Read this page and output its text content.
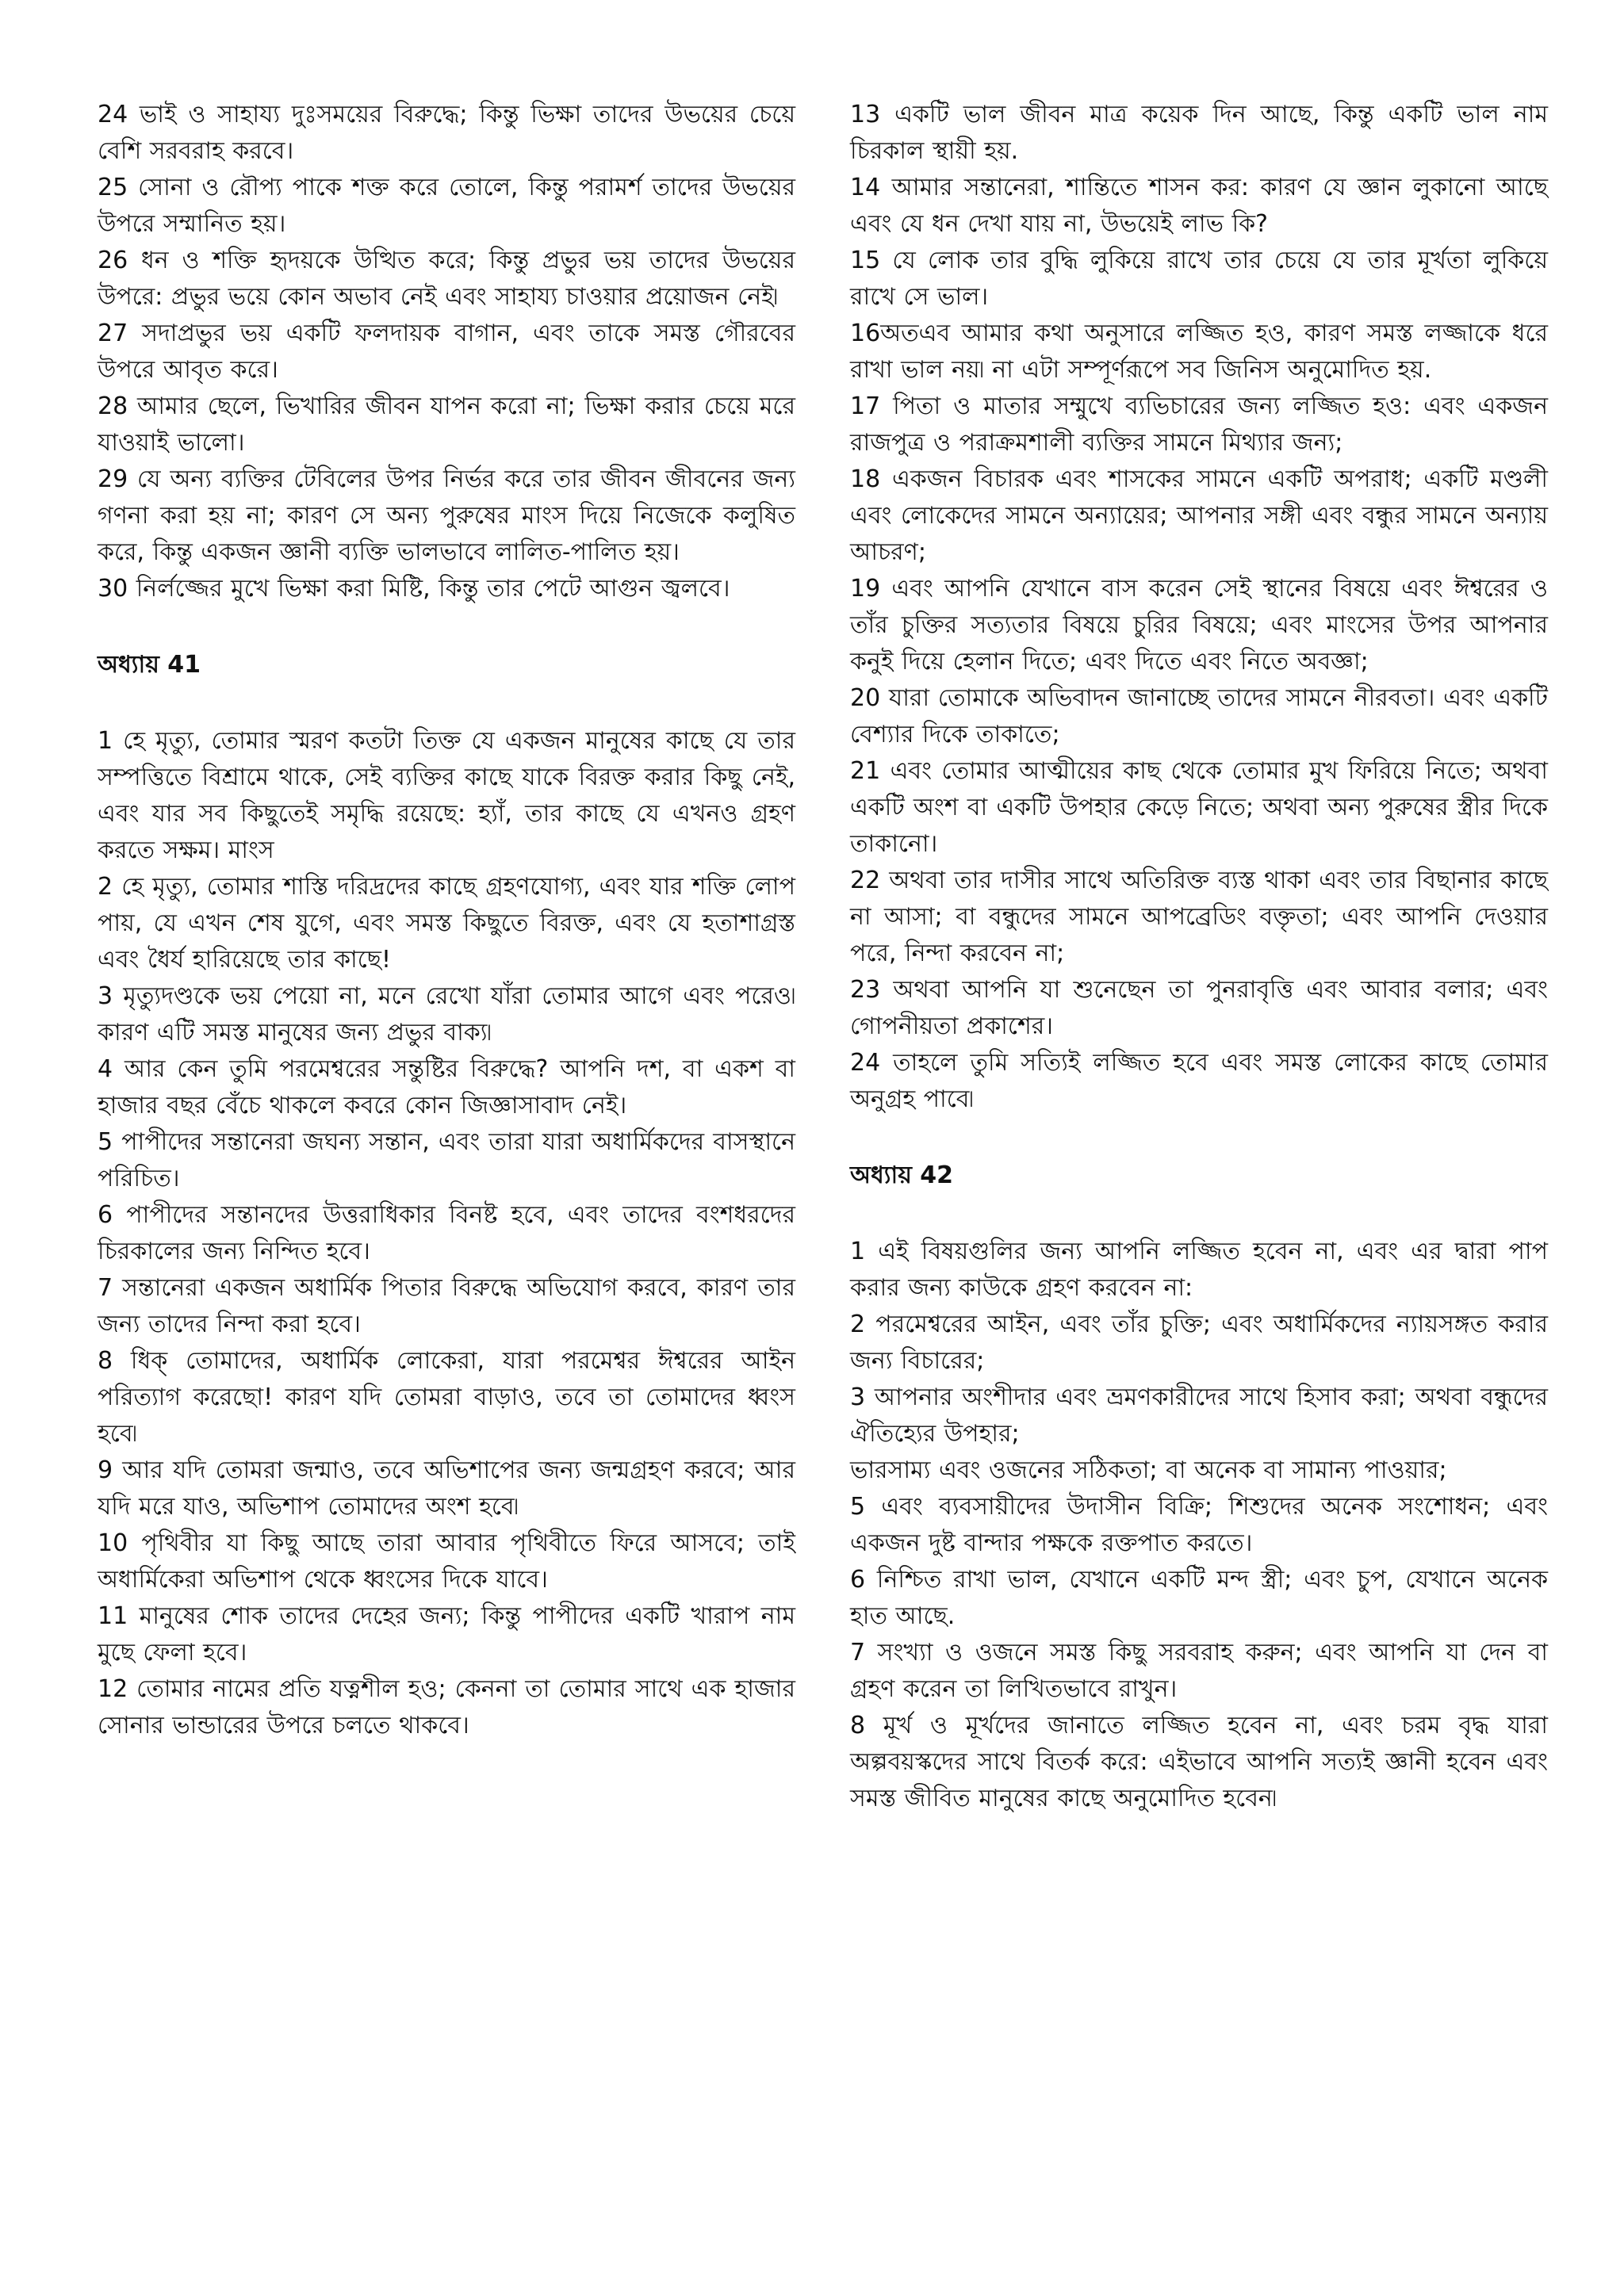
24 ভাই ও সাহায্য দুঃসময়ের বিরুদ্ধে; কিন্তু ভিক্ষা তাদের উভয়ের চেয়ে বেশি সরবরাহ করবে।

25 সোনা ও রৌপ্য পাকে শক্ত করে তোলে, কিন্তু পরামর্শ তাদের উভয়ের উপরে সম্মানিত হয়।

26 ধন ও শক্তি হৃদয়কে উত্থিত করে; কিন্তু প্রভুর ভয় তাদের উভয়ের উপরে: প্রভুর ভয়ে কোন অভাব নেই এবং সাহায্য চাওয়ার প্রয়োজন নেই৷

27 সদাপ্রভুর ভয় একটি ফলদায়ক বাগান, এবং তাকে সমস্ত গৌরবের উপরে আবৃত করে।

28 আমার ছেলে, ভিখারির জীবন যাপন করো না; ভিক্ষা করার চেয়ে মরে যাওয়াই ভালো।

29 যে অন্য ব্যক্তির টেবিলের উপর নির্ভর করে তার জীবন জীবনের জন্য গণনা করা হয় না; কারণ সে অন্য পুরুষের মাংস দিয়ে নিজেকে কলুষিত করে, কিন্তু একজন জ্ঞানী ব্যক্তি ভালভাবে লালিত-পালিত হয়।

30 নির্লজ্জের মুখে ভিক্ষা করা মিষ্টি, কিন্তু তার পেটে আগুন জ্বলবে।

অধ্যায় 41

1 হে মৃত্যু, তোমার স্মরণ কতটা তিক্ত যে একজন মানুষের কাছে যে তার সম্পত্তিতে বিশ্রামে থাকে, সেই ব্যক্তির কাছে যাকে বিরক্ত করার কিছু নেই, এবং যার সব কিছুতেই সমৃদ্ধি রয়েছে: হ্যাঁ, তার কাছে যে এখনও গ্রহণ করতে সক্ষম। মাংস

2 হে মৃত্যু, তোমার শাস্তি দরিদ্রদের কাছে গ্রহণযোগ্য, এবং যার শক্তি লোপ পায়, যে এখন শেষ যুগে, এবং সমস্ত কিছুতে বিরক্ত, এবং যে হতাশাগ্রস্ত এবং ধৈর্য হারিয়েছে তার কাছে!

3 মৃত্যুদণ্ডকে ভয় পেয়ো না, মনে রেখো যাঁরা তোমার আগে এবং পরেও৷ কারণ এটি সমস্ত মানুষের জন্য প্রভুর বাক্য৷

4 আর কেন তুমি পরমেশ্বরের সন্তুষ্টির বিরুদ্ধে? আপনি দশ, বা একশ বা হাজার বছর বেঁচে থাকলে কবরে কোন জিজ্ঞাসাবাদ নেই।

5 পাপীদের সন্তানেরা জঘন্য সন্তান, এবং তারা যারা অধার্মিকদের বাসস্থানে পরিচিত।

6 পাপীদের সন্তানদের উত্তরাধিকার বিনষ্ট হবে, এবং তাদের বংশধরদের চিরকালের জন্য নিন্দিত হবে।

7 সন্তানেরা একজন অধার্মিক পিতার বিরুদ্ধে অভিযোগ করবে, কারণ তার জন্য তাদের নিন্দা করা হবে।

8 ধিক্ তোমাদের, অধার্মিক লোকেরা, যারা পরমেশ্বর ঈশ্বরের আইন পরিত্যাগ করেছো! কারণ যদি তোমরা বাড়াও, তবে তা তোমাদের ধ্বংস হবে৷

9 আর যদি তোমরা জন্মাও, তবে অভিশাপের জন্য জন্মগ্রহণ করবে; আর যদি মরে যাও, অভিশাপ তোমাদের অংশ হবে৷

10 পৃথিবীর যা কিছু আছে তারা আবার পৃথিবীতে ফিরে আসবে; তাই অধার্মিকেরা অভিশাপ থেকে ধ্বংসের দিকে যাবে।

11 মানুষের শোক তাদের দেহের জন্য; কিন্তু পাপীদের একটি খারাপ নাম মুছে ফেলা হবে।

12 তোমার নামের প্রতি যত্নশীল হও; কেননা তা তোমার সাথে এক হাজার সোনার ভান্ডারের উপরে চলতে থাকবে।

13 একটি ভাল জীবন মাত্র কয়েক দিন আছে, কিন্তু একটি ভাল নাম চিরকাল স্থায়ী হয়.

14 আমার সন্তানেরা, শান্তিতে শাসন কর: কারণ যে জ্ঞান লুকানো আছে এবং যে ধন দেখা যায় না, উভয়েই লাভ কি?

15 যে লোক তার বুদ্ধি লুকিয়ে রাখে তার চেয়ে যে তার মূর্খতা লুকিয়ে রাখে সে ভাল।

16অতএব আমার কথা অনুসারে লজ্জিত হও, কারণ সমস্ত লজ্জাকে ধরে রাখা ভাল নয়৷ না এটা সম্পূর্ণরূপে সব জিনিস অনুমোদিত হয়.

17 পিতা ও মাতার সম্মুখে ব্যভিচারের জন্য লজ্জিত হও: এবং একজন রাজপুত্র ও পরাক্রমশালী ব্যক্তির সামনে মিথ্যার জন্য;

18 একজন বিচারক এবং শাসকের সামনে একটি অপরাধ; একটি মণ্ডলী এবং লোকেদের সামনে অন্যায়ের; আপনার সঙ্গী এবং বন্ধুর সামনে অন্যায় আচরণ;

19 এবং আপনি যেখানে বাস করেন সেই স্থানের বিষয়ে এবং ঈশ্বরের ও তাঁর চুক্তির সত্যতার বিষয়ে চুরির বিষয়ে; এবং মাংসের উপর আপনার কনুই দিয়ে হেলান দিতে; এবং দিতে এবং নিতে অবজ্ঞা;

20 যারা তোমাকে অভিবাদন জানাচ্ছে তাদের সামনে নীরবতা। এবং একটি বেশ্যার দিকে তাকাতে;

21 এবং তোমার আত্মীয়ের কাছ থেকে তোমার মুখ ফিরিয়ে নিতে; অথবা একটি অংশ বা একটি উপহার কেড়ে নিতে; অথবা অন্য পুরুষের স্ত্রীর দিকে তাকানো।

22 অথবা তার দাসীর সাথে অতিরিক্ত ব্যস্ত থাকা এবং তার বিছানার কাছে না আসা; বা বন্ধুদের সামনে আপব্রেডিং বক্তৃতা; এবং আপনি দেওয়ার পরে, নিন্দা করবেন না;

23 অথবা আপনি যা শুনেছেন তা পুনরাবৃত্তি এবং আবার বলার; এবং গোপনীয়তা প্রকাশের।

24 তাহলে তুমি সত্যিই লজ্জিত হবে এবং সমস্ত লোকের কাছে তোমার অনুগ্রহ পাবে৷

অধ্যায় 42

1 এই বিষয়গুলির জন্য আপনি লজ্জিত হবেন না, এবং এর দ্বারা পাপ করার জন্য কাউকে গ্রহণ করবেন না:

2 পরমেশ্বরের আইন, এবং তাঁর চুক্তি; এবং অধার্মিকদের ন্যায়সঙ্গত করার জন্য বিচারের;

3 আপনার অংশীদার এবং ভ্রমণকারীদের সাথে হিসাব করা; অথবা বন্ধুদের ঐতিহ্যের উপহার;

ভারসাম্য এবং ওজনের সঠিকতা; বা অনেক বা সামান্য পাওয়ার;

5 এবং ব্যবসায়ীদের উদাসীন বিক্রি; শিশুদের অনেক সংশোধন; এবং একজন দুষ্ট বান্দার পক্ষকে রক্তপাত করতে।

6 নিশ্চিত রাখা ভাল, যেখানে একটি মন্দ স্ত্রী; এবং চুপ, যেখানে অনেক হাত আছে.

7 সংখ্যা ও ওজনে সমস্ত কিছু সরবরাহ করুন; এবং আপনি যা দেন বা গ্রহণ করেন তা লিখিতভাবে রাখুন।

8 মূর্খ ও মূর্খদের জানাতে লজ্জিত হবেন না, এবং চরম বৃদ্ধ যারা অল্পবয়স্কদের সাথে বিতর্ক করে: এইভাবে আপনি সত্যই জ্ঞানী হবেন এবং সমস্ত জীবিত মানুষের কাছে অনুমোদিত হবেন৷
